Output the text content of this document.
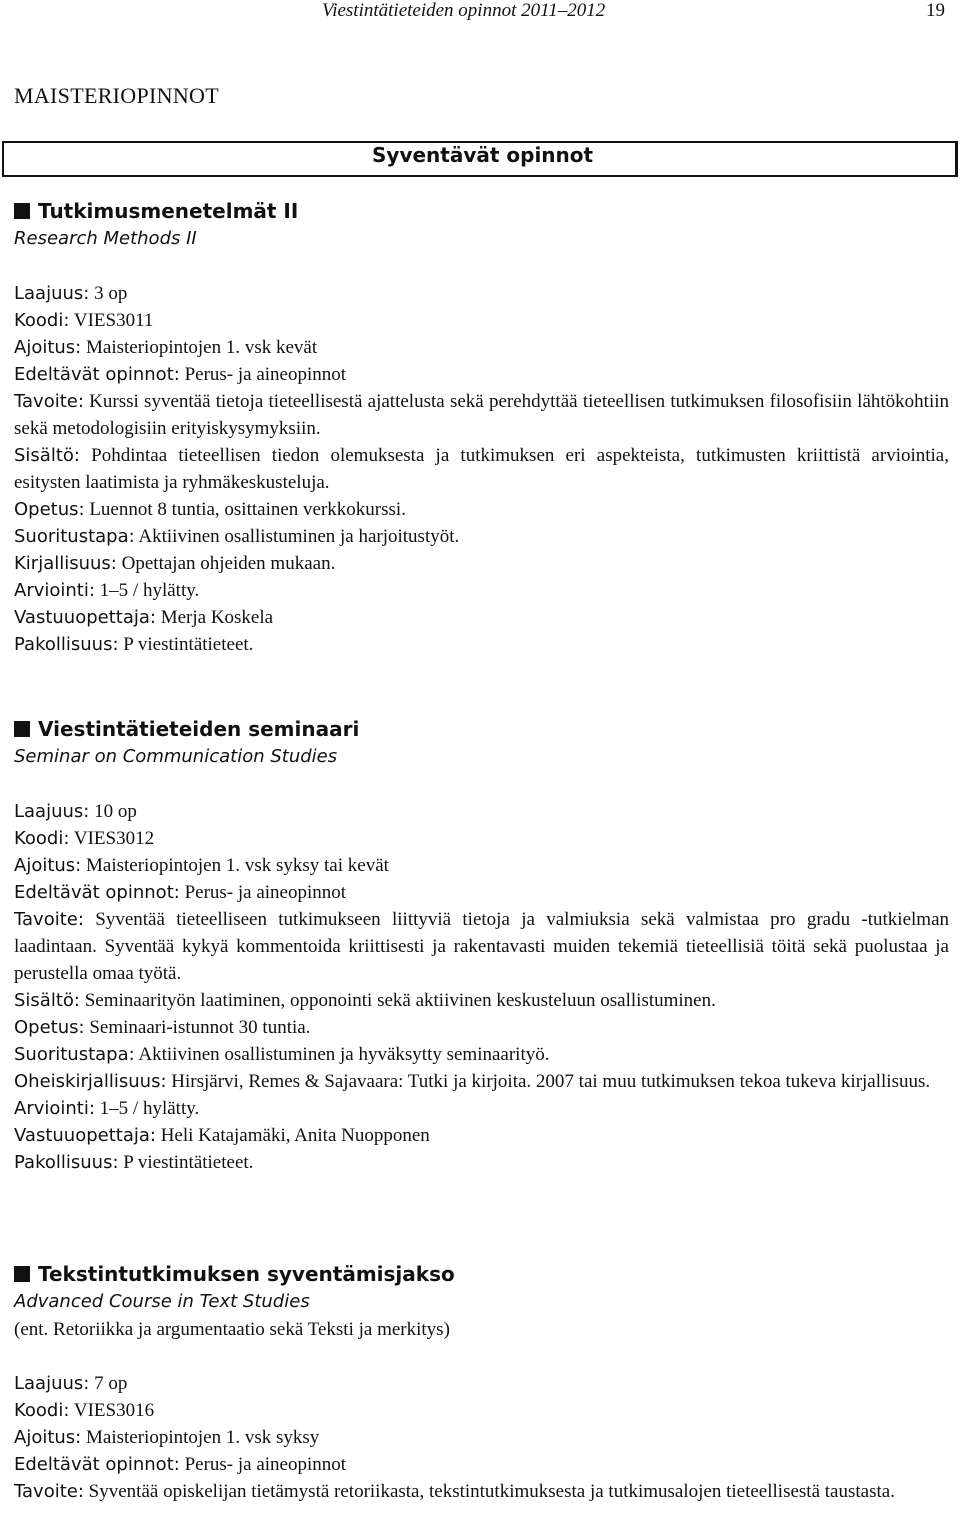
Viestintätieteiden opinnot 2011–2012	19
MAISTERIOPINNOT
Syventävät opinnot
Tutkimusmenetelmät II
Research Methods II

Laajuus: 3 op

Koodi: VIES3011

Ajoitus: Maisteriopintojen 1. vsk kevät

Edeltävät opinnot: Perus- ja aineopinnot

Tavoite: Kurssi syventää tietoja tieteellisestä ajattelusta sekä perehdyttää tieteellisen tutkimuksen filosofisiin lähtökohtiin sekä metodologisiin erityiskysymyksiin.

Sisältö: Pohdintaa tieteellisen tiedon olemuksesta ja tutkimuksen eri aspekteista, tutkimusten kriittistä arviointia, esitysten laatimista ja ryhmäkeskusteluja.

Opetus: Luennot 8 tuntia, osittainen verkkokurssi.

Suoritustapa: Aktiivinen osallistuminen ja harjoitustyöt.

Kirjallisuus: Opettajan ohjeiden mukaan.

Arviointi: 1–5 / hylätty.

Vastuuopettaja: Merja Koskela

Pakollisuus: P viestintätieteet.

Viestintätieteiden seminaari
Seminar on Communication Studies

Laajuus: 10 op

Koodi: VIES3012

Ajoitus: Maisteriopintojen 1. vsk syksy tai kevät

Edeltävät opinnot: Perus- ja aineopinnot

Tavoite: Syventää tieteelliseen tutkimukseen liittyviä tietoja ja valmiuksia sekä valmistaa pro gradu -tutkielman laadintaan. Syventää kykyä kommentoida kriittisesti ja rakentavasti muiden tekemiä tieteellisiä töitä sekä puolustaa ja perustella omaa työtä.

Sisältö: Seminaarityön laatiminen, opponointi sekä aktiivinen keskusteluun osallistuminen.

Opetus: Seminaari-istunnot 30 tuntia.

Suoritustapa: Aktiivinen osallistuminen ja hyväksytty seminaarityö.

Oheiskirjallisuus: Hirsjärvi, Remes & Sajavaara: Tutki ja kirjoita. 2007 tai muu tutkimuksen tekoa tukeva kirjallisuus.

Arviointi: 1–5 / hylätty.

Vastuuopettaja: Heli Katajamäki, Anita Nuopponen

Pakollisuus: P viestintätieteet.

Tekstintutkimuksen syventämisjakso
Advanced Course in Text Studies
(ent. Retoriikka ja argumentaatio sekä Teksti ja merkitys)

Laajuus: 7 op

Koodi: VIES3016

Ajoitus: Maisteriopintojen 1. vsk syksy

Edeltävät opinnot: Perus- ja aineopinnot

Tavoite: Syventää opiskelijan tietämystä retoriikasta, tekstintutkimuksesta ja tutkimusalojen tieteellisestä taustasta.
